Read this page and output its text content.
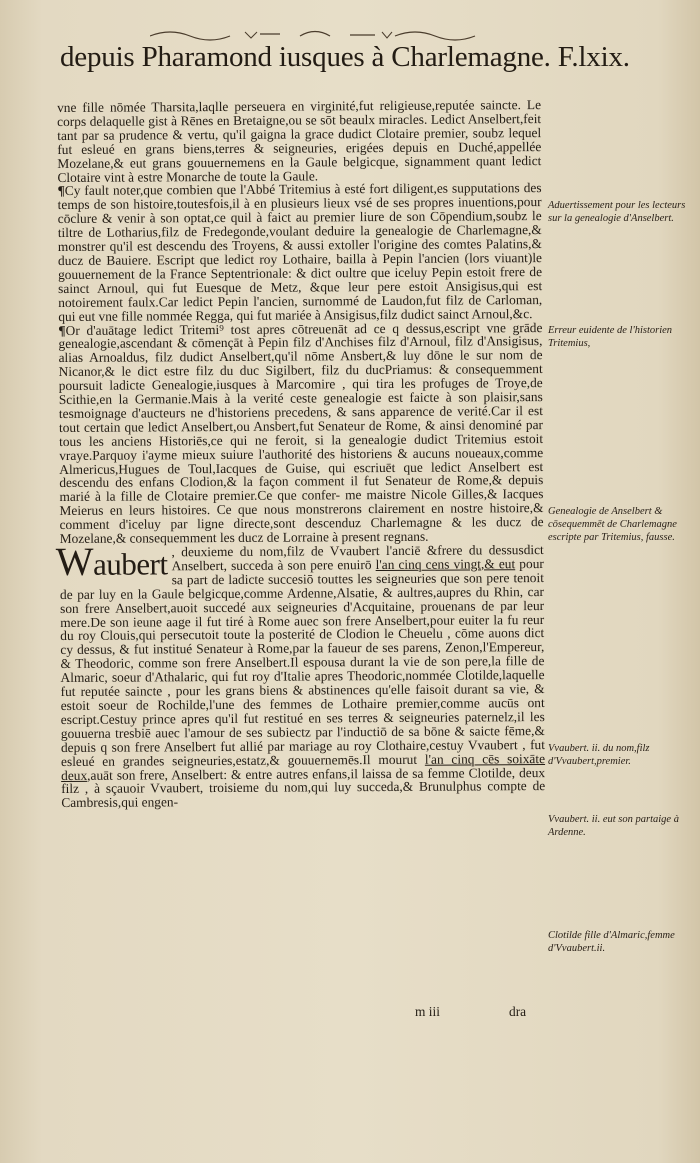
depuis Pharamond iusques à Charlemagne. F.lxix.

vne fille nōmée Tharsita,laqlle perseuera en virginité,fut religieuse,reputée saincte. Le corps delaquelle gist à Rēnes en Bretaigne,ou se sōt beaulx miracles. Ledict Anselbert,feit tant par sa prudence & vertu, qu'il gaigna la grace dudict Clotaire premier, soubz lequel fut esleué en grans biens,terres & seigneuries, erigées depuis en Duché,appellée Mozelane,& eut grans gouuernemens en la Gaule belgicque, signamment quant ledict Clotaire vint à estre Monarche de toute la Gaule.

¶Cy fault noter,que combien que l'Abbé Tritemius à esté fort diligent,es supputations des temps de son histoire,toutesfois,il à en plusieurs lieux vsé de ses propres inuentions,pour cōclure & venir à son optat,ce quil à faict au premier liure de son Cōpendium,soubz le tiltre de Lotharius,filz de Fredegonde,voulant deduire la genealogie de Charlemagne,& monstrer qu'il est descendu des Troyens, & aussi extoller l'origine des comtes Palatins,& ducz de Bauiere. Escript que ledict roy Lothaire, bailla à Pepin l'ancien (lors viuant)le gouuernement de la France Septentrionale: & dict oultre que iceluy Pepin estoit frere de sainct Arnoul, qui fut Euesque de Metz, &que leur pere estoit Ansigisus,qui est notoirement faulx.Car ledict Pepin l'ancien, surnommé de Laudon,fut filz de Carloman, qui eut vne fille nommée Regga, qui fut mariée à Ansigisus,filz dudict sainct Arnoul,&c.

¶Or d'auātage ledict Tritemi⁹ tost apres cōtreuenāt ad ce q dessus,escript vne grāde genealogie,ascendant & cōmençāt à Pepin filz d'Anchises filz d'Arnoul, filz d'Ansigisus, alias Arnoaldus, filz dudict Anselbert,qu'il nōme Ansbert,& luy dōne le sur nom de Nicanor,& le dict estre filz du duc Sigilbert, filz du ducPriamus: & consequemment poursuit ladicte Genealogie,iusques à Marcomire , qui tira les profuges de Troye,de Scithie,en la Germanie.Mais à la verité ceste genealogie est faicte à son plaisir,sans tesmoignage d'aucteurs ne d'historiens precedens, & sans apparence de verité.Car il est tout certain que ledict Anselbert,ou Ansbert,fut Senateur de Rome, & ainsi denominé par tous les anciens Historiēs,ce qui ne feroit, si la genealogie dudict Tritemius estoit vraye.Parquoy i'ayme mieux suiure l'authorité des historiens & aucuns noueaux,comme Almericus,Hugues de Toul,Iacques de Guise, qui escriuēt que ledict Anselbert est descendu des enfans Clodion,& la façon comment il fut Senateur de Rome,& depuis marié à la fille de Clotaire premier.Ce que confer- me maistre Nicole Gilles,& Iacques Meierus en leurs histoires. Ce que nous monstrerons clairement en nostre histoire,& comment d'iceluy par ligne directe,sont descenduz Charlemagne & les ducz de Mozelane,& consequemment les ducz de Lorraine à present regnans.

Waubert , deuxieme du nom,filz de Vvaubert l'anciē &frere du dessusdict Anselbert, succeda à son pere enuirō l'an cinq cens vingt,& eut pour sa part de ladicte succesiō touttes les seigneuries que son pere tenoit de par luy en la Gaule belgicque,comme Ardenne,Alsatie, & aultres,aupres du Rhin, car son frere Anselbert,auoit succedé aux seigneuries d'Acquitaine, prouenans de par leur mere.De son ieune aage il fut tiré à Rome auec son frere Anselbert,pour euiter la fu reur du roy Clouis,qui persecutoit toute la posterité de Clodion le Cheuelu , cōme auons dict cy dessus, & fut institué Senateur à Rome,par la faueur de ses parens, Zenon,l'Empereur, & Theodoric, comme son frere Anselbert.Il espousa durant la vie de son pere,la fille de Almaric, soeur d'Athalaric, qui fut roy d'Italie apres Theodoric,nommée Clotilde,laquelle fut reputée saincte , pour les grans biens & abstinences qu'elle faisoit durant sa vie, & estoit soeur de Rochilde,l'une des femmes de Lothaire premier,comme aucūs ont escript.Cestuy prince apres qu'il fut restitué en ses terres & seigneuries paternelz,il les gouuerna tresbiē auec l'amour de ses subiectz par l'inductiō de sa bōne & saicte fēme,& depuis q son frere Anselbert fut allié par mariage au roy Clothaire,cestuy Vvaubert , fut esleué en grandes seigneuries,estatz,& gouuernemēs.Il mourut l'an cinq cēs soixāte deux,auāt son frere, Anselbert: & entre autres enfans,il laissa de sa femme Clotilde, deux filz , à sçauoir Vvaubert, troisieme du nom,qui luy succeda,& Brunulphus compte de Cambresis,qui engen-

m iii	dra
Aduertissement pour les lecteurs sur la genealogie d'Anselbert.
Erreur euidente de l'historien Tritemius,
Genealogie de Anselbert & cōsequemmēt de Charlemagne escripte par Tritemius, fausse.
Vvaubert. ii. du nom,filz d'Vvaubert,premier.
Vvaubert. ii. eut son partaige à Ardenne.
Clotilde fille d'Almaric,femme d'Vvaubert.ii.
